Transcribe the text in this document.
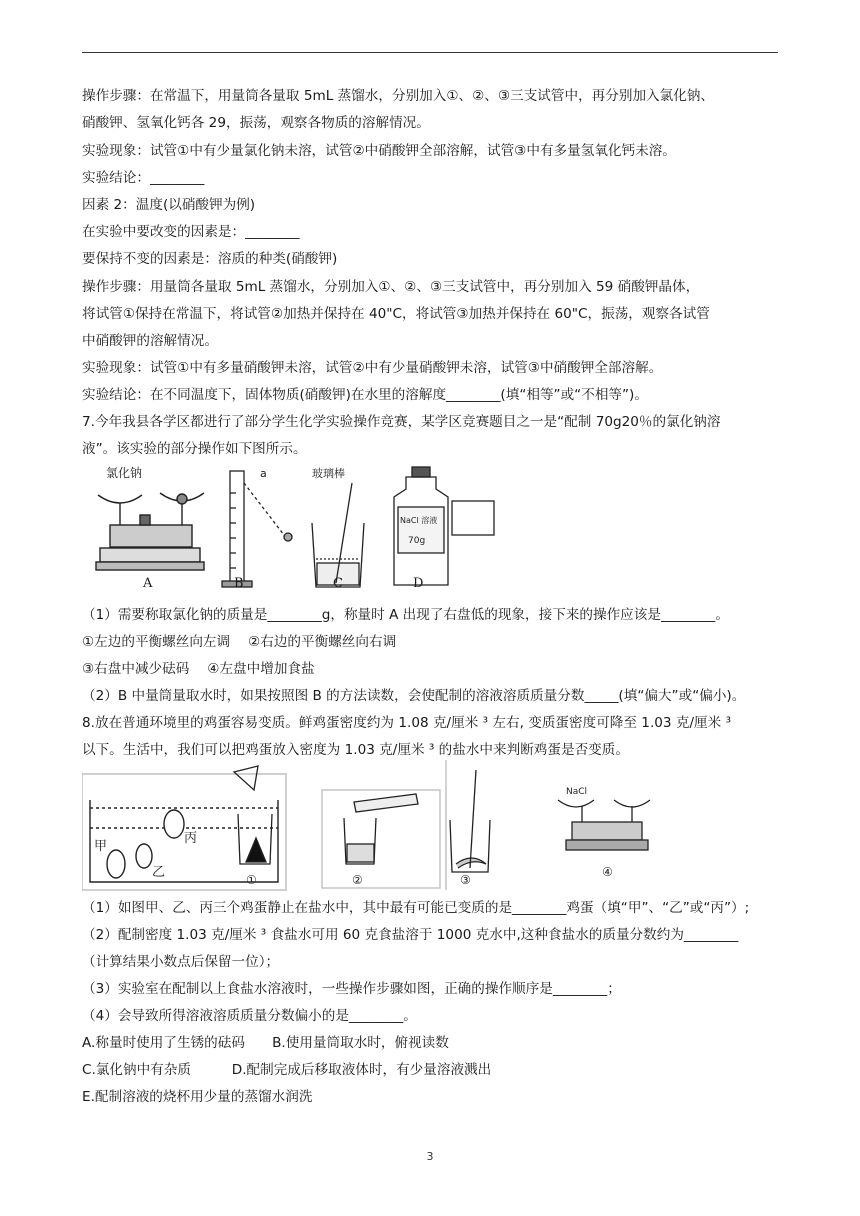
操作步骤：在常温下，用量筒各量取 5mL 蒸馏水，分别加入①、②、③三支试管中，再分别加入氯化钠、
硝酸钾、氢氧化钙各 29，振荡，观察各物质的溶解情况。
实验现象：试管①中有少量氯化钠未溶，试管②中硝酸钾全部溶解，试管③中有多量氢氧化钙未溶。
实验结论：________
因素 2：温度(以硝酸钾为例)
在实验中要改变的因素是：________
要保持不变的因素是：溶质的种类(硝酸钾)
操作步骤：用量筒各量取 5mL 蒸馏水，分别加入①、②、③三支试管中，再分别加入 59 硝酸钾晶体，
将试管①保持在常温下，将试管②加热并保持在 40"C，将试管③加热并保持在 60"C，振荡，观察各试管
中硝酸钾的溶解情况。
实验现象：试管①中有多量硝酸钾未溶，试管②中有少量硝酸钾未溶，试管③中硝酸钾全部溶解。
实验结论：在不同温度下，固体物质(硝酸钾)在水里的溶解度________(填“相等”或“不相等”)。
7.今年我县各学区都进行了部分学生化学实验操作竞赛，某学区竞赛题目之一是“配制 70g20％的氯化钠溶
液”。该实验的部分操作如下图所示。
氯化钠	a	玻璃棒
NaCl 溶液
70g
A	B	C	D
（1）需要称取氯化钠的质量是________g，称量时 A 出现了右盘低的现象，接下来的操作应该是________。
①左边的平衡螺丝向左调　 ②右边的平衡螺丝向右调
③右盘中减少砝码　 ④左盘中增加食盐
（2）B 中量筒量取水时，如果按照图 B 的方法读数，会使配制的溶液溶质质量分数_____(填“偏大”或“偏小)。
8.放在普通环境里的鸡蛋容易变质。鲜鸡蛋密度约为 1.08 克/厘米 ³ 左右, 变质蛋密度可降至 1.03 克/厘米 ³
以下。生活中，我们可以把鸡蛋放入密度为 1.03 克/厘米 ³ 的盐水中来判断鸡蛋是否变质。
甲
乙
丙
①	②	③
NaCl
④
（1）如图甲、乙、丙三个鸡蛋静止在盐水中，其中最有可能已变质的是________鸡蛋（填“甲”、“乙”或“丙”）;
（2）配制密度 1.03 克/厘米 ³ 食盐水可用 60 克食盐溶于 1000 克水中,这种食盐水的质量分数约为________
（计算结果小数点后保留一位）；
（3）实验室在配制以上食盐水溶液时，一些操作步骤如图，正确的操作顺序是________；
（4）会导致所得溶液溶质质量分数偏小的是________。
A.称量时使用了生锈的砝码　　B.使用量筒取水时，俯视读数
C.氯化钠中有杂质　　　D.配制完成后移取液体时，有少量溶液溅出
E.配制溶液的烧杯用少量的蒸馏水润洗
3
